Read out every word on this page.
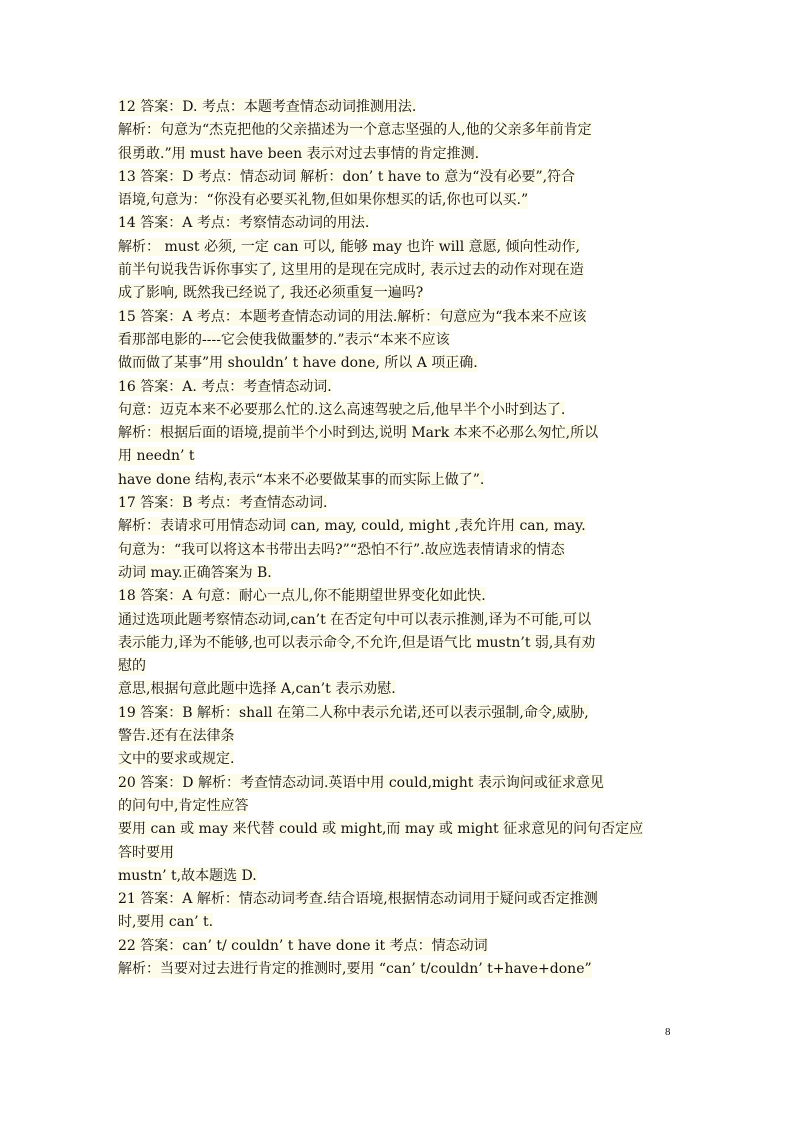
12 答案：D. 考点：本题考查情态动词推测用法.
解析：句意为“杰克把他的父亲描述为一个意志坚强的人,他的父亲多年前肯定
很勇敢.”用 must have been 表示对过去事情的肯定推测.
13 答案：D 考点：情态动词 解析：don’ t have to 意为“没有必要”,符合
语境,句意为：“你没有必要买礼物,但如果你想买的话,你也可以买.”
14 答案：A 考点：考察情态动词的用法.
解析： must 必须, 一定 can 可以, 能够 may 也许 will 意愿, 倾向性动作,
前半句说我告诉你事实了, 这里用的是现在完成时, 表示过去的动作对现在造
成了影响, 既然我已经说了, 我还必须重复一遍吗?
15 答案：A 考点：本题考查情态动词的用法.解析：句意应为“我本来不应该
看那部电影的----它会使我做噩梦的.”表示“本来不应该
做而做了某事”用 shouldn’ t have done, 所以 A 项正确.
16 答案：A. 考点：考查情态动词.
句意：迈克本来不必要那么忙的.这么高速驾驶之后,他早半个小时到达了.
解析：根据后面的语境,提前半个小时到达,说明 Mark 本来不必那么匆忙,所以
用 needn’ t
have done 结构,表示“本来不必要做某事的而实际上做了”.
17 答案：B 考点：考查情态动词.
解析：表请求可用情态动词 can, may, could, might ,表允许用 can, may.
句意为：“我可以将这本书带出去吗?”“恐怕不行”.故应选表情请求的情态
动词 may.正确答案为 B.
18 答案：A 句意：耐心一点儿,你不能期望世界变化如此快.
通过选项此题考察情态动词,can’t 在否定句中可以表示推测,译为不可能,可以
表示能力,译为不能够,也可以表示命令,不允许,但是语气比 mustn’t 弱,具有劝
慰的
意思,根据句意此题中选择 A,can’t 表示劝慰.
19 答案：B 解析：shall 在第二人称中表示允诺,还可以表示强制,命令,威胁,
警告.还有在法律条
文中的要求或规定.
20 答案：D 解析：考查情态动词.英语中用 could,might 表示询问或征求意见
的问句中,肯定性应答
要用 can 或 may 来代替 could 或 might,而 may 或 might 征求意见的问句否定应
答时要用
mustn’ t,故本题选 D.
21 答案：A 解析：情态动词考查.结合语境,根据情态动词用于疑问或否定推测
时,要用 can’ t.
22 答案：can’ t/ couldn’ t have done it 考点：情态动词
解析：当要对过去进行肯定的推测时,要用 “can’ t/couldn’ t+have+done”
8
